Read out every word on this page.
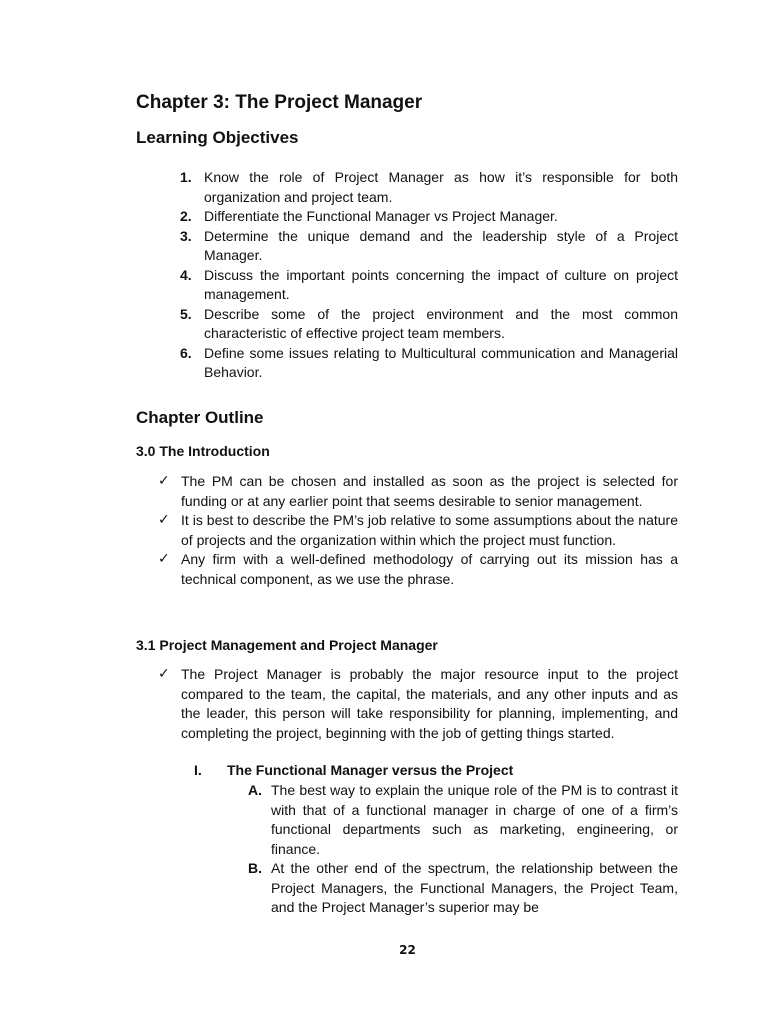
Chapter 3: The Project Manager
Learning Objectives
1. Know the role of Project Manager as how it’s responsible for both organization and project team.
2. Differentiate the Functional Manager vs Project Manager.
3. Determine the unique demand and the leadership style of a Project Manager.
4. Discuss the important points concerning the impact of culture on project management.
5. Describe some of the project environment and the most common characteristic of effective project team members.
6. Define some issues relating to Multicultural communication and Managerial Behavior.
Chapter Outline
3.0 The Introduction
✓ The PM can be chosen and installed as soon as the project is selected for funding or at any earlier point that seems desirable to senior management.
✓ It is best to describe the PM’s job relative to some assumptions about the nature of projects and the organization within which the project must function.
✓ Any firm with a well-defined methodology of carrying out its mission has a technical component, as we use the phrase.
3.1 Project Management and Project Manager
✓ The Project Manager is probably the major resource input to the project compared to the team, the capital, the materials, and any other inputs and as the leader, this person will take responsibility for planning, implementing, and completing the project, beginning with the job of getting things started.
I. The Functional Manager versus the Project
A. The best way to explain the unique role of the PM is to contrast it with that of a functional manager in charge of one of a firm’s functional departments such as marketing, engineering, or finance.
B. At the other end of the spectrum, the relationship between the Project Managers, the Functional Managers, the Project Team, and the Project Manager’s superior may be
22
